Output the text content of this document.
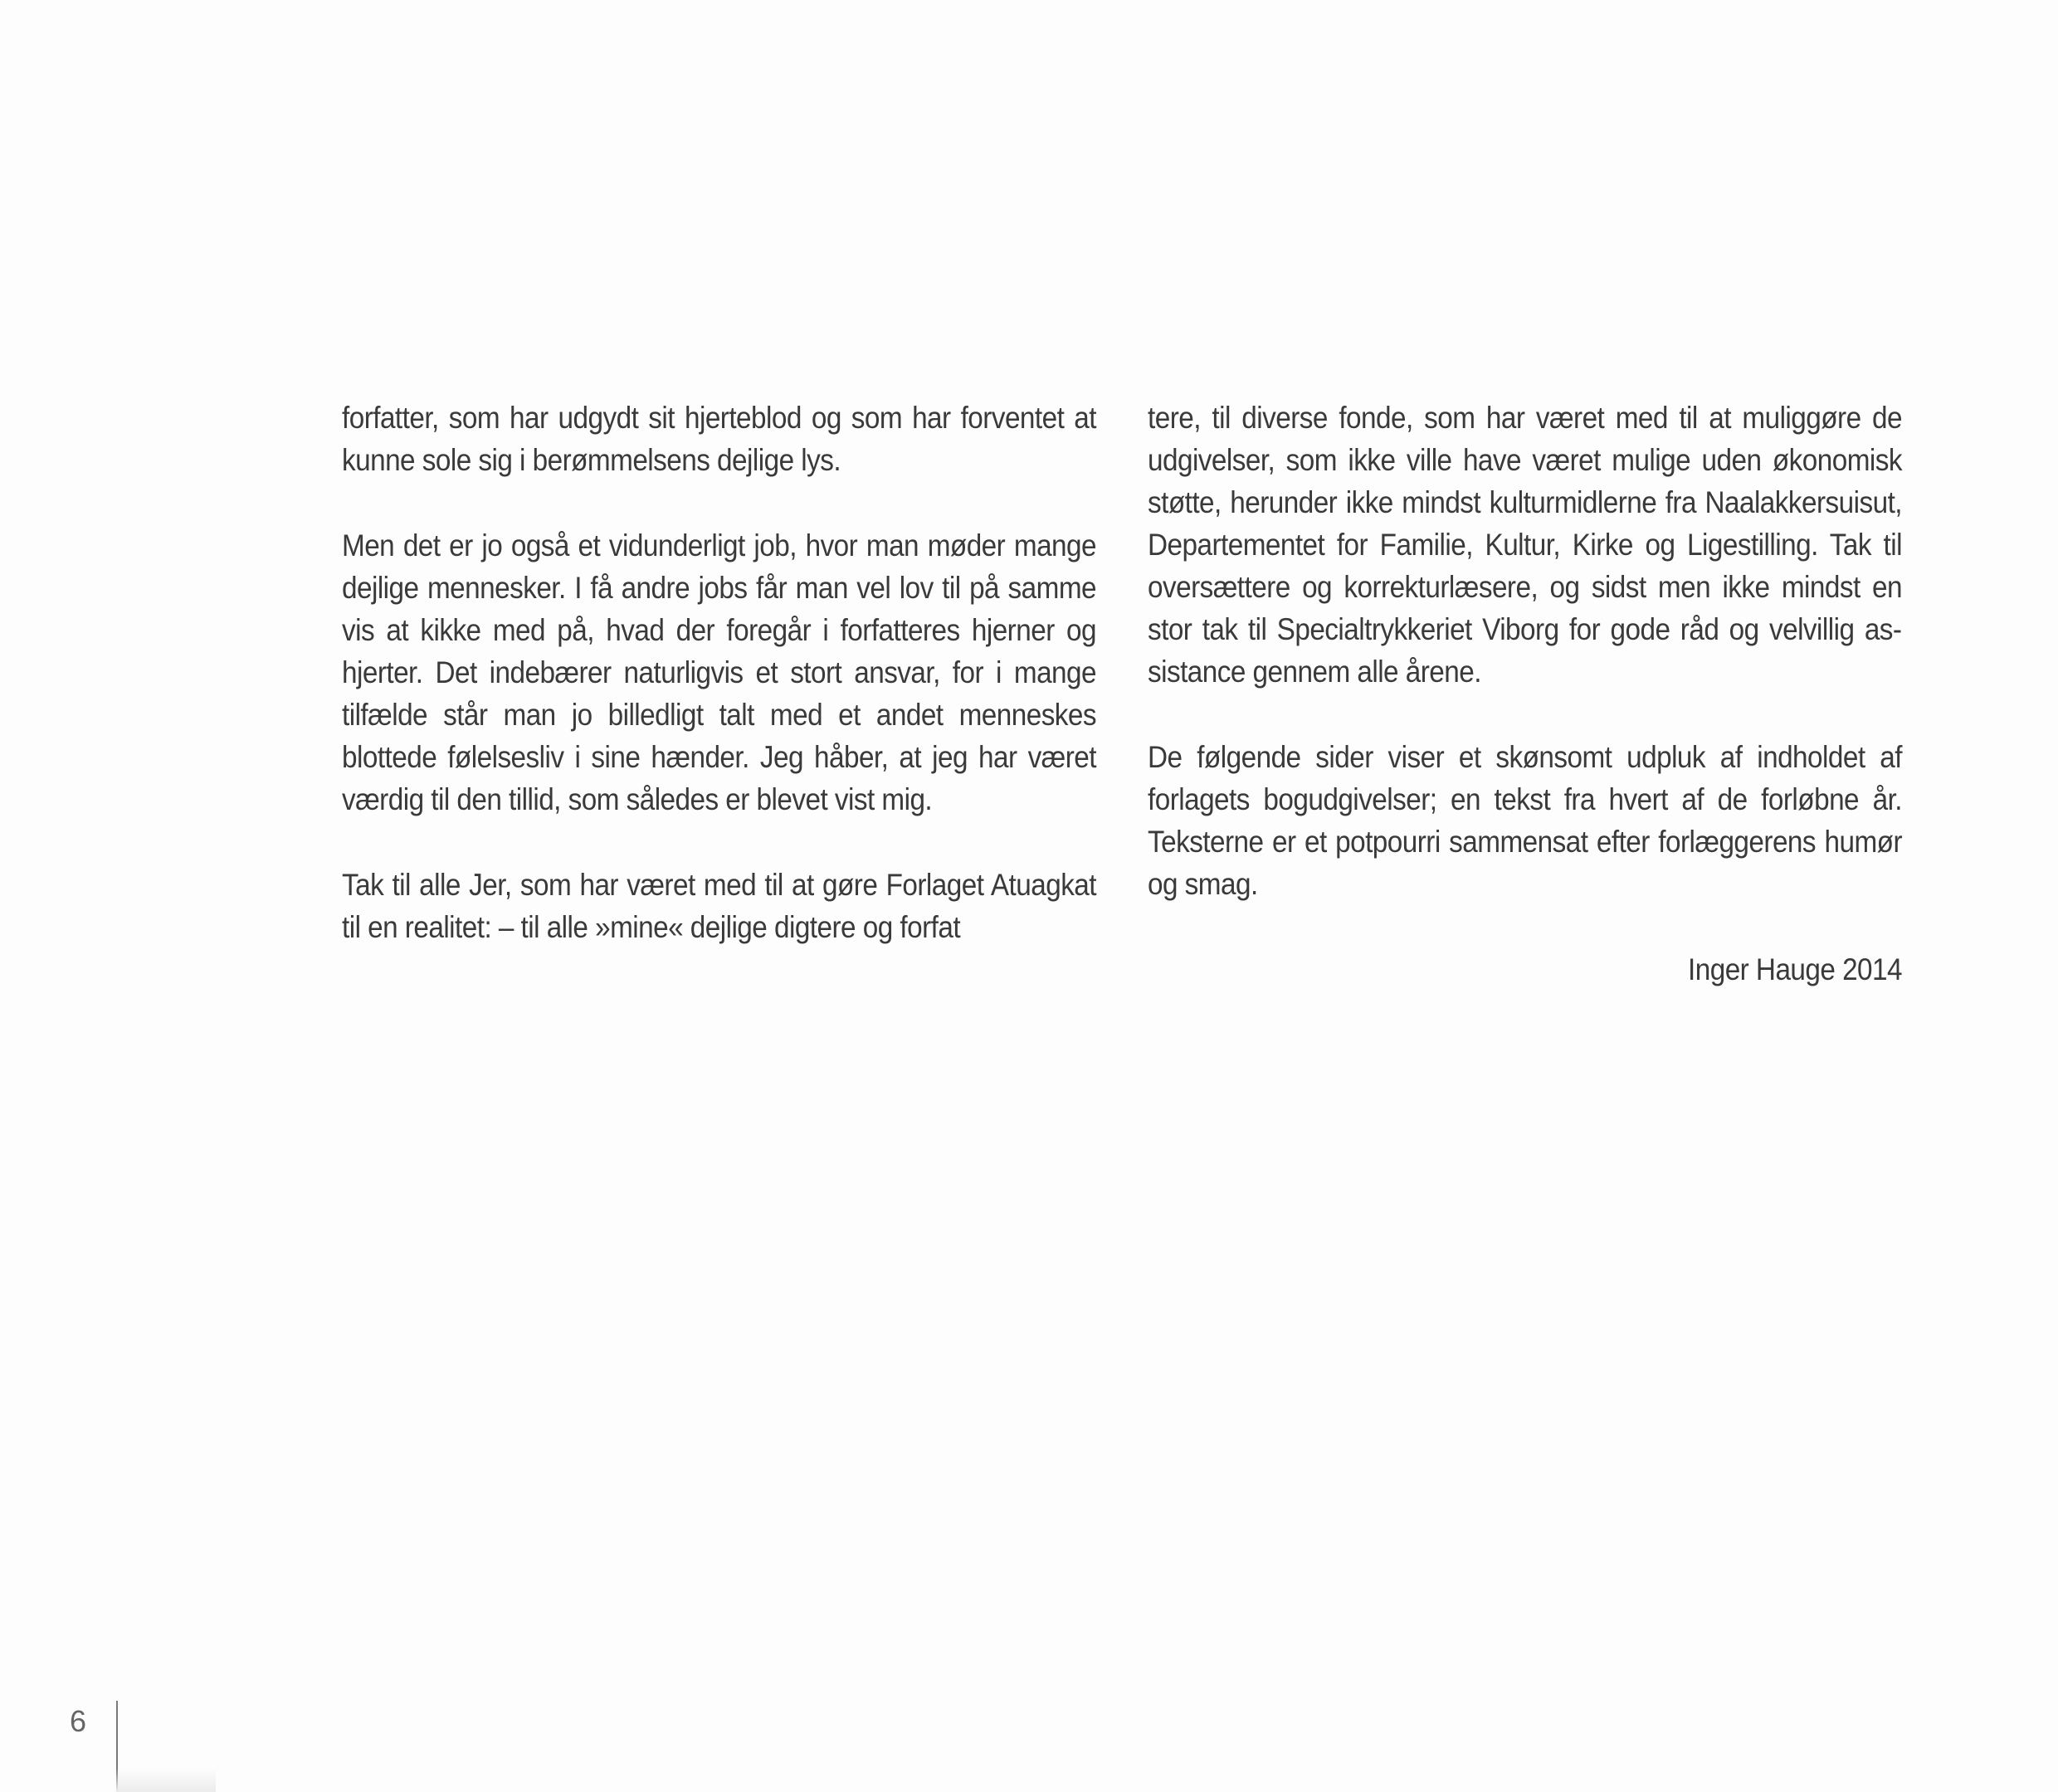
forfatter, som har udgydt sit hjerteblod og som har forventet at kunne sole sig i berømmelsens dejlige lys.

Men det er jo også et vidunderligt job, hvor man møder mange dejlige mennesker. I få andre jobs får man vel lov til på samme vis at kikke med på, hvad der foregår i forfatteres hjerner og hjerter. Det indebærer naturligvis et stort ansvar, for i mange tilfælde står man jo billedligt talt med et andet menneskes blottede følelsesliv i sine hænder. Jeg håber, at jeg har været værdig til den tillid, som således er blevet vist mig.

Tak til alle Jer, som har været med til at gøre Forlaget Atuagkat til en realitet: – til alle »mine« dejlige digtere og forfat

tere, til diverse fonde, som har været med til at muliggøre de udgivelser, som ikke ville have været mulige uden økonomisk støtte, herunder ikke mindst kulturmidlerne fra Naalakkersuisut, Departementet for Familie, Kultur, Kirke og Ligestilling. Tak til oversættere og korrekturlæsere, og sidst men ikke mindst en stor tak til Specialtrykkeriet Viborg for gode råd og velvillig assistance gennem alle årene.

De følgende sider viser et skønsomt udpluk af indholdet af forlagets bogudgivelser; en tekst fra hvert af de forløbne år. Teksterne er et potpourri sammensat efter forlæggerens humør og smag.

Inger Hauge 2014

6
